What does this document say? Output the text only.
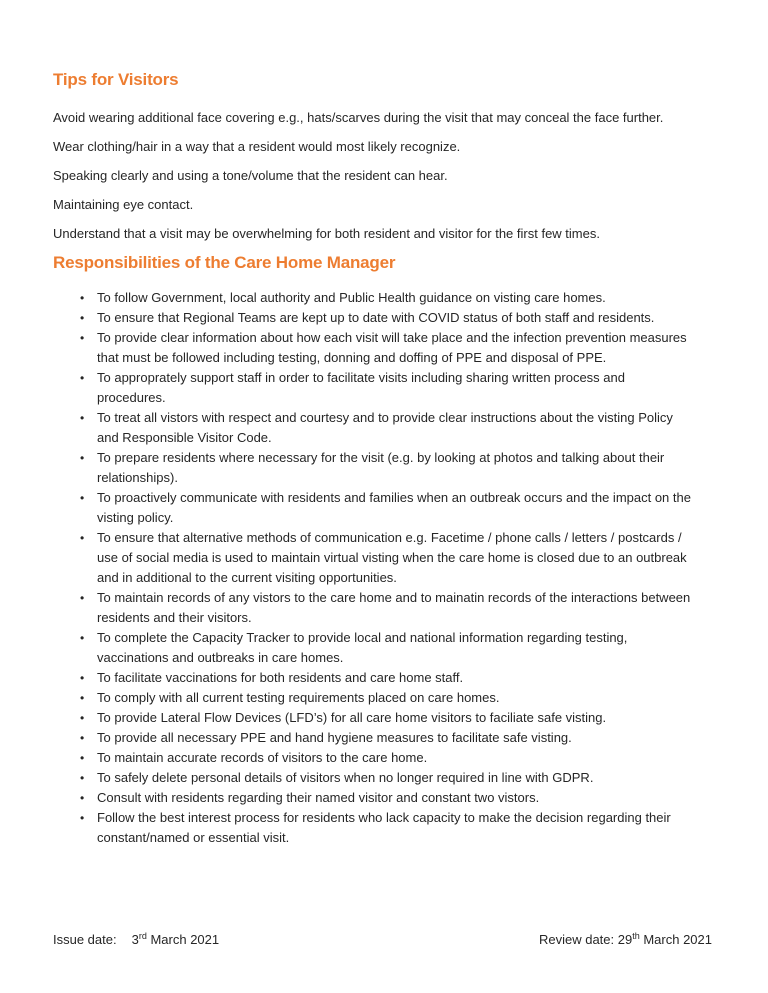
Tips for Visitors

Avoid wearing additional face covering e.g., hats/scarves during the visit that may conceal the face further.

Wear clothing/hair in a way that a resident would most likely recognize.

Speaking clearly and using a tone/volume that the resident can hear.

Maintaining eye contact.

Understand that a visit may be overwhelming for both resident and visitor for the first few times.

Responsibilities of the Care Home Manager
• To follow Government, local authority and Public Health guidance on visting care homes.
• To ensure that Regional Teams are kept up to date with COVID status of both staff and residents.
• To provide clear information about how each visit will take place and the infection prevention measures that must be followed including testing, donning and doffing of PPE and disposal of PPE.
• To approprately support staff in order to facilitate visits including sharing written process and procedures.
• To treat all vistors with respect and courtesy and to provide clear instructions about the visting Policy and Responsible Visitor Code.
• To prepare residents where necessary for the visit (e.g. by looking at photos and talking about their relationships).
• To proactively communicate with residents and families when an outbreak occurs and the impact on the visting policy.
• To ensure that alternative methods of communication e.g. Facetime / phone calls / letters / postcards / use of social media is used to maintain virtual visting when the care home is closed due to an outbreak and in additional to the current visiting opportunities.
• To maintain records of any vistors to the care home and to mainatin records of the interactions between residents and their visitors.
• To complete the Capacity Tracker to provide local and national information regarding testing, vaccinations and outbreaks in care homes.
• To facilitate vaccinations for both residents and care home staff.
• To comply with all current testing requirements placed on care homes.
• To provide Lateral Flow Devices (LFD’s) for all care home visitors to faciliate safe visting.
• To provide all necessary PPE and hand hygiene measures to facilitate safe visting.
• To maintain accurate records of visitors to the care home.
• To safely delete personal details of visitors when no longer required in line with GDPR.
• Consult with residents regarding their named visitor and constant two vistors.
• Follow the best interest process for residents who lack capacity to make the decision regarding their constant/named or essential visit.
Issue date: 3rd March 2021	Review date: 29th March 2021
